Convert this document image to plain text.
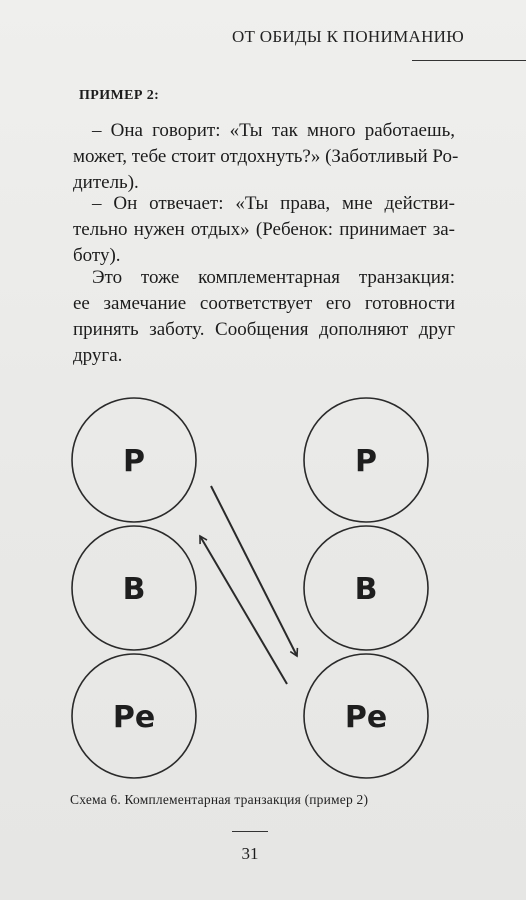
ОТ ОБИДЫ К ПОНИМАНИЮ
ПРИМЕР 2:
– Она говорит: «Ты так много работаешь,
может, тебе стоит отдохнуть?» (Заботливый Ро-
дитель).
– Он отвечает: «Ты права, мне действи-
тельно нужен отдых» (Ребенок: принимает за-
боту).
Это тоже комплементарная транзакция:
ее замечание соответствует его готовности
принять заботу. Сообщения дополняют друг
друга.
Р
В
Ре
Р
В
Ре
Схема 6. Комплементарная транзакция (пример 2)
31
